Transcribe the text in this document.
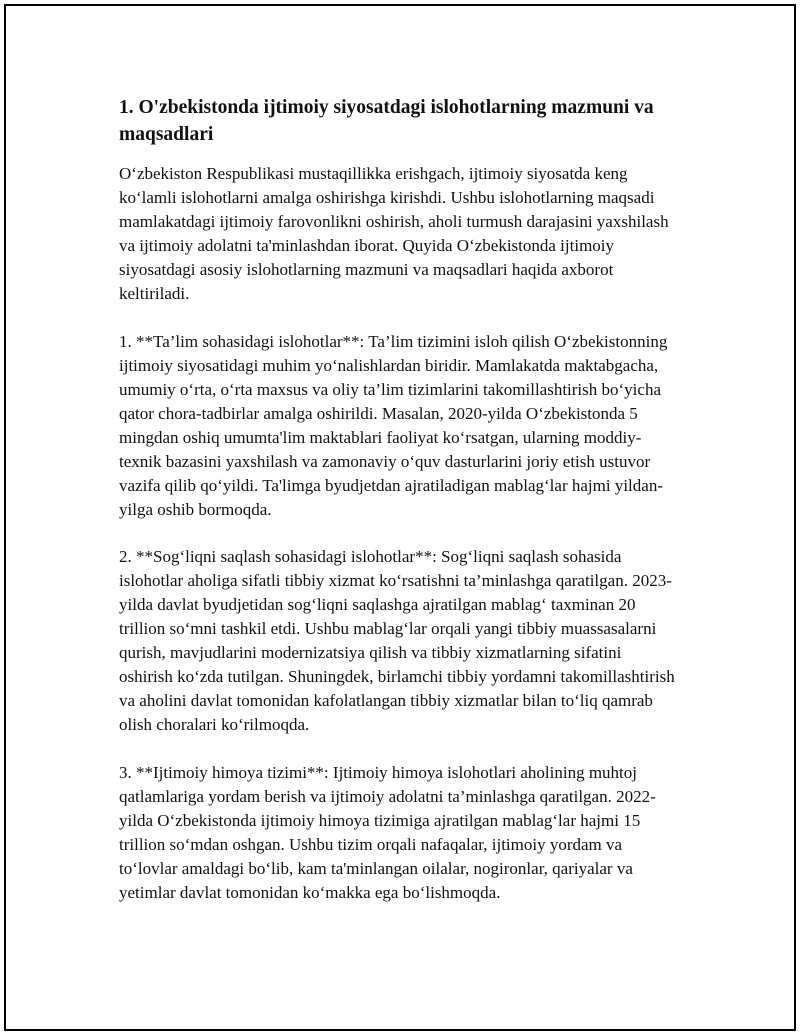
1. O'zbekistonda ijtimoiy siyosatdagi islohotlarning mazmuni va maqsadlari

O‘zbekiston Respublikasi mustaqillikka erishgach, ijtimoiy siyosatda keng ko‘lamli islohotlarni amalga oshirishga kirishdi. Ushbu islohotlarning maqsadi mamlakatdagi ijtimoiy farovonlikni oshirish, aholi turmush darajasini yaxshilash va ijtimoiy adolatni ta'minlashdan iborat. Quyida O‘zbekistonda ijtimoiy siyosatdagi asosiy islohotlarning mazmuni va maqsadlari haqida axborot keltiriladi.

1. **Ta’lim sohasidagi islohotlar**: Ta’lim tizimini isloh qilish O‘zbekistonning ijtimoiy siyosatidagi muhim yo‘nalishlardan biridir. Mamlakatda maktabgacha, umumiy o‘rta, o‘rta maxsus va oliy ta’lim tizimlarini takomillashtirish bo‘yicha qator chora-tadbirlar amalga oshirildi. Masalan, 2020-yilda O‘zbekistonda 5 mingdan oshiq umumta'lim maktablari faoliyat ko‘rsatgan, ularning moddiy-texnik bazasini yaxshilash va zamonaviy o‘quv dasturlarini joriy etish ustuvor vazifa qilib qo‘yildi. Ta'limga byudjetdan ajratiladigan mablag‘lar hajmi yildan-yilga oshib bormoqda.

2. **Sog‘liqni saqlash sohasidagi islohotlar**: Sog‘liqni saqlash sohasida islohotlar aholiga sifatli tibbiy xizmat ko‘rsatishni ta’minlashga qaratilgan. 2023-yilda davlat byudjetidan sog‘liqni saqlashga ajratilgan mablag‘ taxminan 20 trillion so‘mni tashkil etdi. Ushbu mablag‘lar orqali yangi tibbiy muassasalarni qurish, mavjudlarini modernizatsiya qilish va tibbiy xizmatlarning sifatini oshirish ko‘zda tutilgan. Shuningdek, birlamchi tibbiy yordamni takomillashtirish va aholini davlat tomonidan kafolatlangan tibbiy xizmatlar bilan to‘liq qamrab olish choralari ko‘rilmoqda.

3. **Ijtimoiy himoya tizimi**: Ijtimoiy himoya islohotlari aholining muhtoj qatlamlariga yordam berish va ijtimoiy adolatni ta’minlashga qaratilgan. 2022-yilda O‘zbekistonda ijtimoiy himoya tizimiga ajratilgan mablag‘lar hajmi 15 trillion so‘mdan oshgan. Ushbu tizim orqali nafaqalar, ijtimoiy yordam va to‘lovlar amaldagi bo‘lib, kam ta'minlangan oilalar, nogironlar, qariyalar va yetimlar davlat tomonidan ko‘makka ega bo‘lishmoqda.
